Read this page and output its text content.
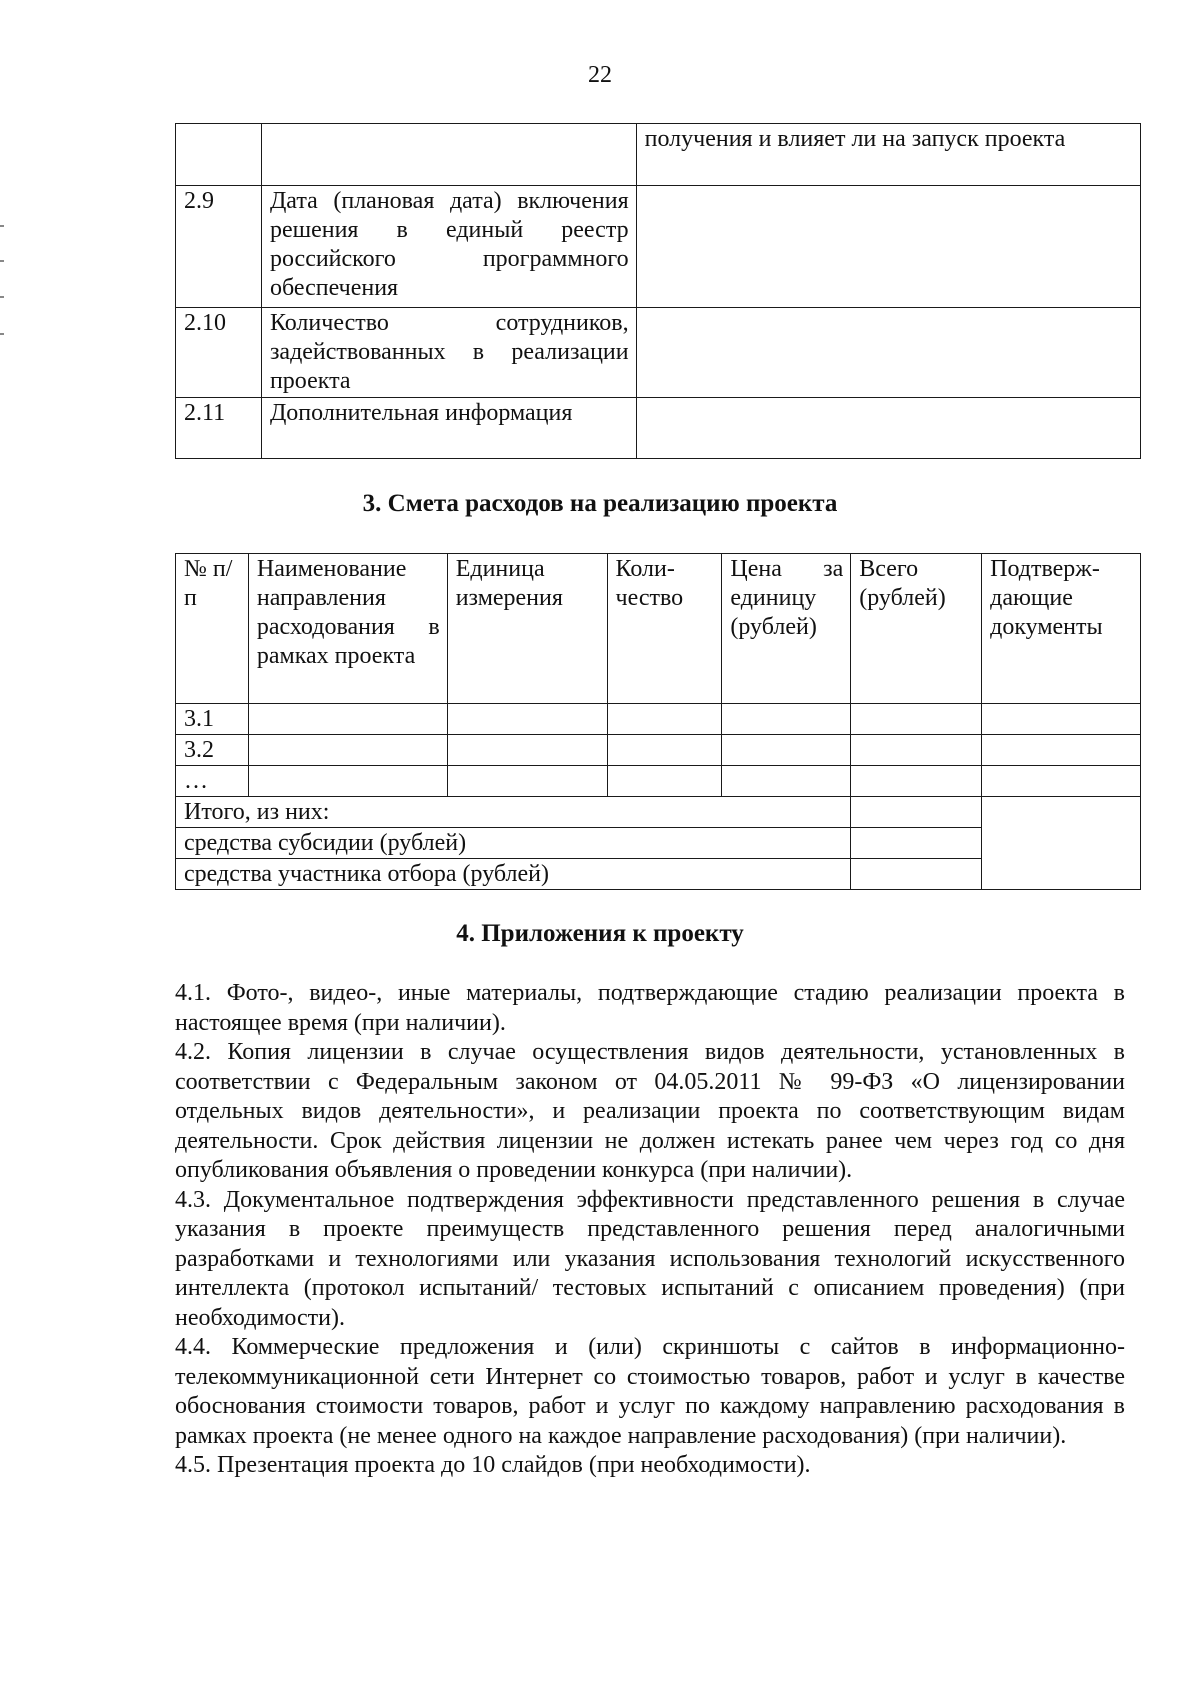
22
		получения и влияет ли на запуск проекта
2.9	Дата (плановая дата) включения решения в единый реестр российского программного обеспечения	
2.10	Количество сотрудников, задействованных в реализации проекта	
2.11	Дополнительная информация	
3. Смета расходов на реализацию проекта
№ п/п	Наименование направления расходования в рамках проекта	Единица измерения	Коли-чество	Цена за единицу (рублей)	Всего (рублей)	Подтверж-дающие документы
3.1						
3.2						
…						
Итого, из них:						
средства субсидии (рублей)						
средства участника отбора (рублей)						
4. Приложения к проекту

4.1. Фото-, видео-, иные материалы, подтверждающие стадию реализации проекта в настоящее время (при наличии).

4.2. Копия лицензии в случае осуществления видов деятельности, установленных в соответствии с Федеральным законом от 04.05.2011 № 99-ФЗ «О лицензировании отдельных видов деятельности», и реализации проекта по соответствующим видам деятельности. Срок действия лицензии не должен истекать ранее чем через год со дня опубликования объявления о проведении конкурса (при наличии).

4.3. Документальное подтверждения эффективности представленного решения в случае указания в проекте преимуществ представленного решения перед аналогичными разработками и технологиями или указания использования технологий искусственного интеллекта (протокол испытаний/ тестовых испытаний с описанием проведения) (при необходимости).

4.4. Коммерческие предложения и (или) скриншоты с сайтов в информационно-телекоммуникационной сети Интернет со стоимостью товаров, работ и услуг в качестве обоснования стоимости товаров, работ и услуг по каждому направлению расходования в рамках проекта (не менее одного на каждое направление расходования) (при наличии).

4.5. Презентация проекта до 10 слайдов (при необходимости).
